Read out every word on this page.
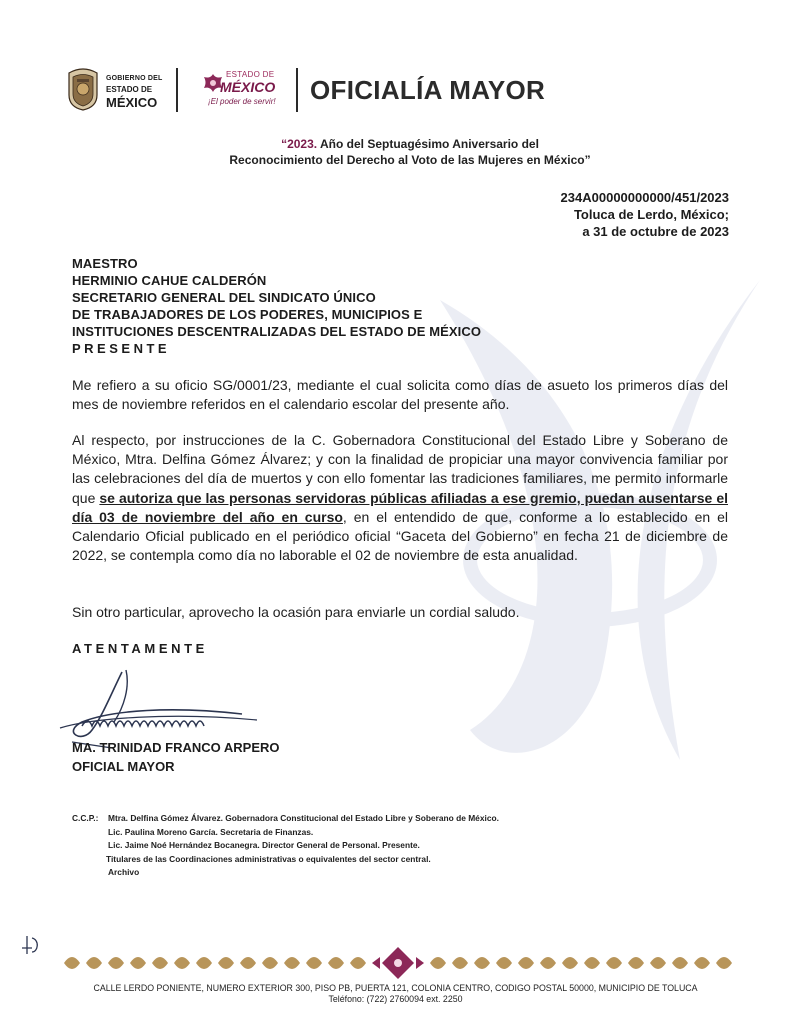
GOBIERNO DEL
ESTADO DE
MÉXICO
ESTADO DE
MÉXICO
¡El poder de servir! OFICIALÍA MAYOR
“2023. Año del Septuagésimo Aniversario del
Reconocimiento del Derecho al Voto de las Mujeres en México”
234A00000000000/451/2023
Toluca de Lerdo, México;
a 31 de octubre de 2023
MAESTRO
HERMINIO CAHUE CALDERÓN
SECRETARIO GENERAL DEL SINDICATO ÚNICO
DE TRABAJADORES DE LOS PODERES, MUNICIPIOS E
INSTITUCIONES DESCENTRALIZADAS DEL ESTADO DE MÉXICO
PRESENTE
Me refiero a su oficio SG/0001/23, mediante el cual solicita como días de asueto los primeros días del mes de noviembre referidos en el calendario escolar del presente año.
Al respecto, por instrucciones de la C. Gobernadora Constitucional del Estado Libre y Soberano de México, Mtra. Delfina Gómez Álvarez; y con la finalidad de propiciar una mayor convivencia familiar por las celebraciones del día de muertos y con ello fomentar las tradiciones familiares, me permito informarle que se autoriza que las personas servidoras públicas afiliadas a ese gremio, puedan ausentarse el día 03 de noviembre del año en curso, en el entendido de que, conforme a lo establecido en el Calendario Oficial publicado en el periódico oficial “Gaceta del Gobierno” en fecha 21 de diciembre de 2022, se contempla como día no laborable el 02 de noviembre de esta anualidad.
Sin otro particular, aprovecho la ocasión para enviarle un cordial saludo.
ATENTAMENTE
MA. TRINIDAD FRANCO ARPERO
OFICIAL MAYOR
C.C.P.: Mtra. Delfina Gómez Álvarez. Gobernadora Constitucional del Estado Libre y Soberano de México.
Lic. Paulina Moreno García. Secretaria de Finanzas.
Lic. Jaime Noé Hernández Bocanegra. Director General de Personal. Presente.
Titulares de las Coordinaciones administrativas o equivalentes del sector central.
Archivo
CALLE LERDO PONIENTE, NUMERO EXTERIOR 300, PISO PB, PUERTA 121, COLONIA CENTRO, CODIGO POSTAL 50000, MUNICIPIO DE TOLUCA
Teléfono: (722) 2760094 ext. 2250
